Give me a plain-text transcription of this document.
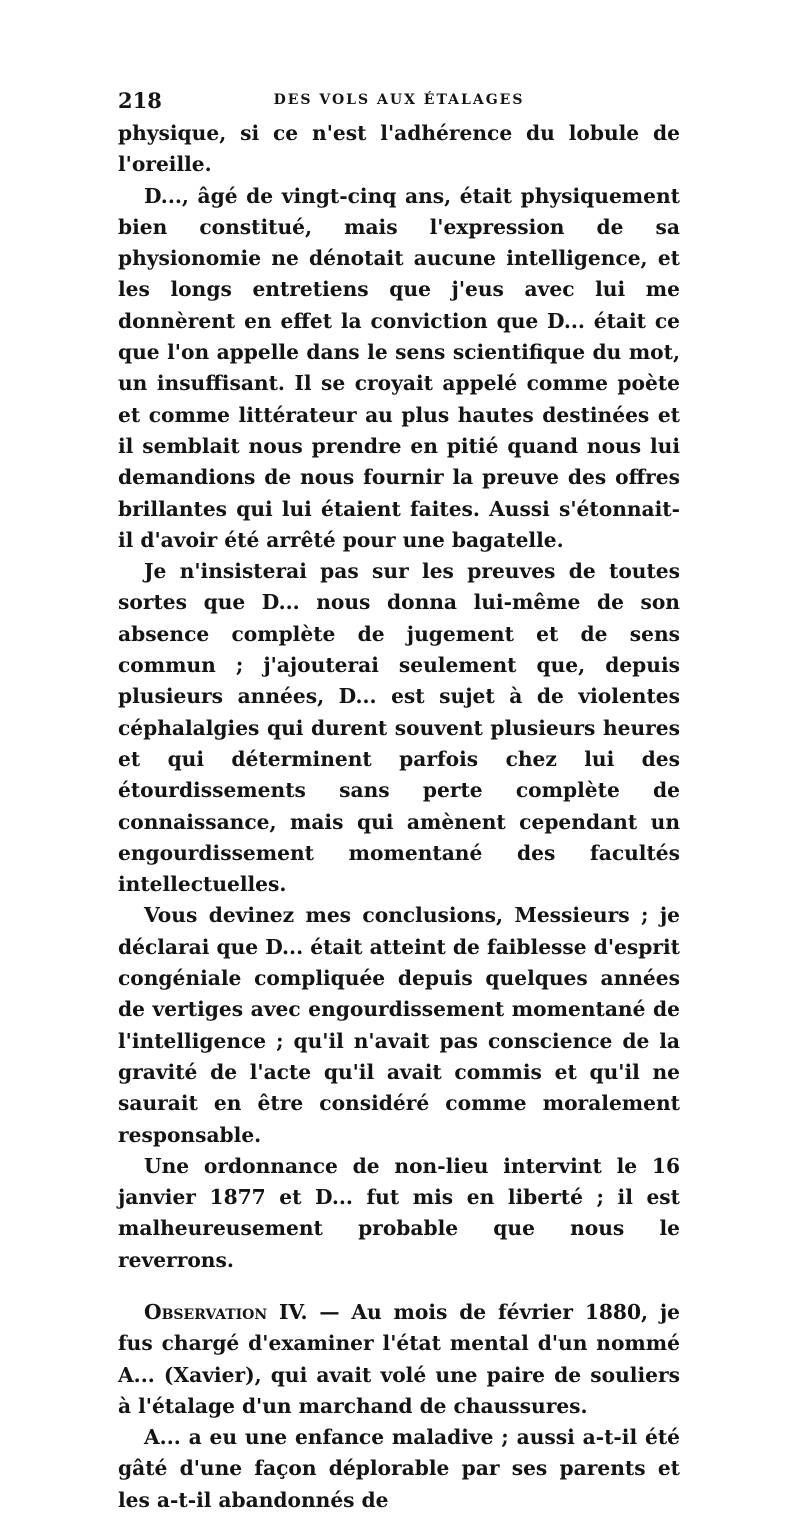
218	DES VOLS AUX ÉTALAGES

physique, si ce n'est l'adhérence du lobule de l'oreille.

D..., âgé de vingt-cinq ans, était physiquement bien constitué, mais l'expression de sa physionomie ne dénotait aucune intelligence, et les longs entretiens que j'eus avec lui me donnèrent en effet la conviction que D... était ce que l'on appelle dans le sens scientifique du mot, un insuffisant. Il se croyait appelé comme poète et comme littérateur au plus hautes destinées et il semblait nous prendre en pitié quand nous lui demandions de nous fournir la preuve des offres brillantes qui lui étaient faites. Aussi s'étonnait-il d'avoir été arrêté pour une bagatelle.

Je n'insisterai pas sur les preuves de toutes sortes que D... nous donna lui-même de son absence complète de jugement et de sens commun ; j'ajouterai seulement que, depuis plusieurs années, D... est sujet à de violentes céphalalgies qui durent souvent plusieurs heures et qui déterminent parfois chez lui des étourdissements sans perte complète de connaissance, mais qui amènent cependant un engourdissement momentané des facultés intellectuelles.

Vous devinez mes conclusions, Messieurs ; je déclarai que D... était atteint de faiblesse d'esprit congéniale compliquée depuis quelques années de vertiges avec engourdissement momentané de l'intelligence ; qu'il n'avait pas conscience de la gravité de l'acte qu'il avait commis et qu'il ne saurait en être considéré comme moralement responsable.

Une ordonnance de non-lieu intervint le 16 janvier 1877 et D... fut mis en liberté ; il est malheureusement probable que nous le reverrons.

Observation IV. — Au mois de février 1880, je fus chargé d'examiner l'état mental d'un nommé A... (Xavier), qui avait volé une paire de souliers à l'étalage d'un marchand de chaussures.

A... a eu une enfance maladive ; aussi a-t-il été gâté d'une façon déplorable par ses parents et les a-t-il abandonnés de
